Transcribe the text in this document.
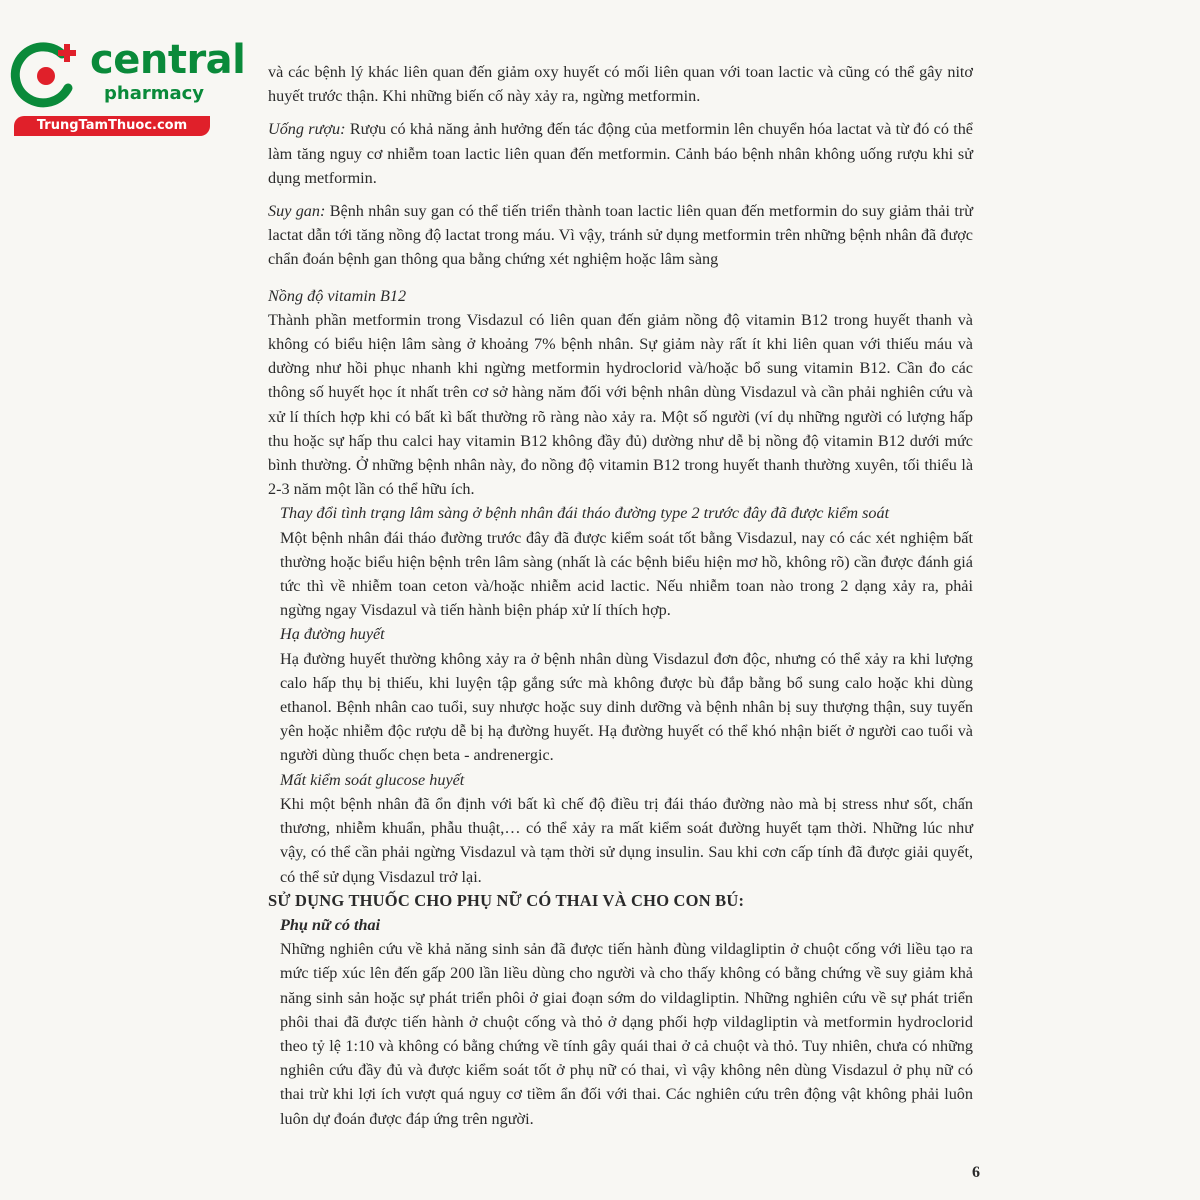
central
pharmacy
TrungTamThuoc.com

và các bệnh lý khác liên quan đến giảm oxy huyết có mối liên quan với toan lactic và cũng có thể gây nitơ huyết trước thận. Khi những biến cố này xảy ra, ngừng metformin.

Uống rượu: Rượu có khả năng ảnh hưởng đến tác động của metformin lên chuyển hóa lactat và từ đó có thể làm tăng nguy cơ nhiễm toan lactic liên quan đến metformin. Cảnh báo bệnh nhân không uống rượu khi sử dụng metformin.

Suy gan: Bệnh nhân suy gan có thể tiến triển thành toan lactic liên quan đến metformin do suy giảm thải trừ lactat dẫn tới tăng nồng độ lactat trong máu. Vì vậy, tránh sử dụng metformin trên những bệnh nhân đã được chẩn đoán bệnh gan thông qua bằng chứng xét nghiệm hoặc lâm sàng

Nồng độ vitamin B12

Thành phần metformin trong Visdazul có liên quan đến giảm nồng độ vitamin B12 trong huyết thanh và không có biểu hiện lâm sàng ở khoảng 7% bệnh nhân. Sự giảm này rất ít khi liên quan với thiếu máu và dường như hồi phục nhanh khi ngừng metformin hydroclorid và/hoặc bổ sung vitamin B12. Cần đo các thông số huyết học ít nhất trên cơ sở hàng năm đối với bệnh nhân dùng Visdazul và cần phải nghiên cứu và xử lí thích hợp khi có bất kì bất thường rõ ràng nào xảy ra. Một số người (ví dụ những người có lượng hấp thu hoặc sự hấp thu calci hay vitamin B12 không đầy đủ) dường như dễ bị nồng độ vitamin B12 dưới mức bình thường. Ở những bệnh nhân này, đo nồng độ vitamin B12 trong huyết thanh thường xuyên, tối thiểu là 2-3 năm một lần có thể hữu ích.

Thay đổi tình trạng lâm sàng ở bệnh nhân đái tháo đường type 2 trước đây đã được kiểm soát

Một bệnh nhân đái tháo đường trước đây đã được kiểm soát tốt bằng Visdazul, nay có các xét nghiệm bất thường hoặc biểu hiện bệnh trên lâm sàng (nhất là các bệnh biểu hiện mơ hồ, không rõ) cần được đánh giá tức thì về nhiễm toan ceton và/hoặc nhiễm acid lactic. Nếu nhiễm toan nào trong 2 dạng xảy ra, phải ngừng ngay Visdazul và tiến hành biện pháp xử lí thích hợp.

Hạ đường huyết

Hạ đường huyết thường không xảy ra ở bệnh nhân dùng Visdazul đơn độc, nhưng có thể xảy ra khi lượng calo hấp thụ bị thiếu, khi luyện tập gắng sức mà không được bù đắp bằng bổ sung calo hoặc khi dùng ethanol. Bệnh nhân cao tuổi, suy nhược hoặc suy dinh dưỡng và bệnh nhân bị suy thượng thận, suy tuyến yên hoặc nhiễm độc rượu dễ bị hạ đường huyết. Hạ đường huyết có thể khó nhận biết ở người cao tuổi và người dùng thuốc chẹn beta - andrenergic.

Mất kiểm soát glucose huyết

Khi một bệnh nhân đã ổn định với bất kì chế độ điều trị đái tháo đường nào mà bị stress như sốt, chấn thương, nhiễm khuẩn, phẫu thuật,… có thể xảy ra mất kiểm soát đường huyết tạm thời. Những lúc như vậy, có thể cần phải ngừng Visdazul và tạm thời sử dụng insulin. Sau khi cơn cấp tính đã được giải quyết, có thể sử dụng Visdazul trở lại.

SỬ DỤNG THUỐC CHO PHỤ NỮ CÓ THAI VÀ CHO CON BÚ:

Phụ nữ có thai

Những nghiên cứu về khả năng sinh sản đã được tiến hành đùng vildagliptin ở chuột cống với liều tạo ra mức tiếp xúc lên đến gấp 200 lần liều dùng cho người và cho thấy không có bằng chứng về suy giảm khả năng sinh sản hoặc sự phát triển phôi ở giai đoạn sớm do vildagliptin. Những nghiên cứu về sự phát triển phôi thai đã được tiến hành ở chuột cống và thỏ ở dạng phối hợp vildagliptin và metformin hydroclorid theo tỷ lệ 1:10 và không có bằng chứng về tính gây quái thai ở cả chuột và thỏ. Tuy nhiên, chưa có những nghiên cứu đầy đủ và được kiểm soát tốt ở phụ nữ có thai, vì vậy không nên dùng Visdazul ở phụ nữ có thai trừ khi lợi ích vượt quá nguy cơ tiềm ẩn đối với thai. Các nghiên cứu trên động vật không phải luôn luôn dự đoán được đáp ứng trên người.

6
